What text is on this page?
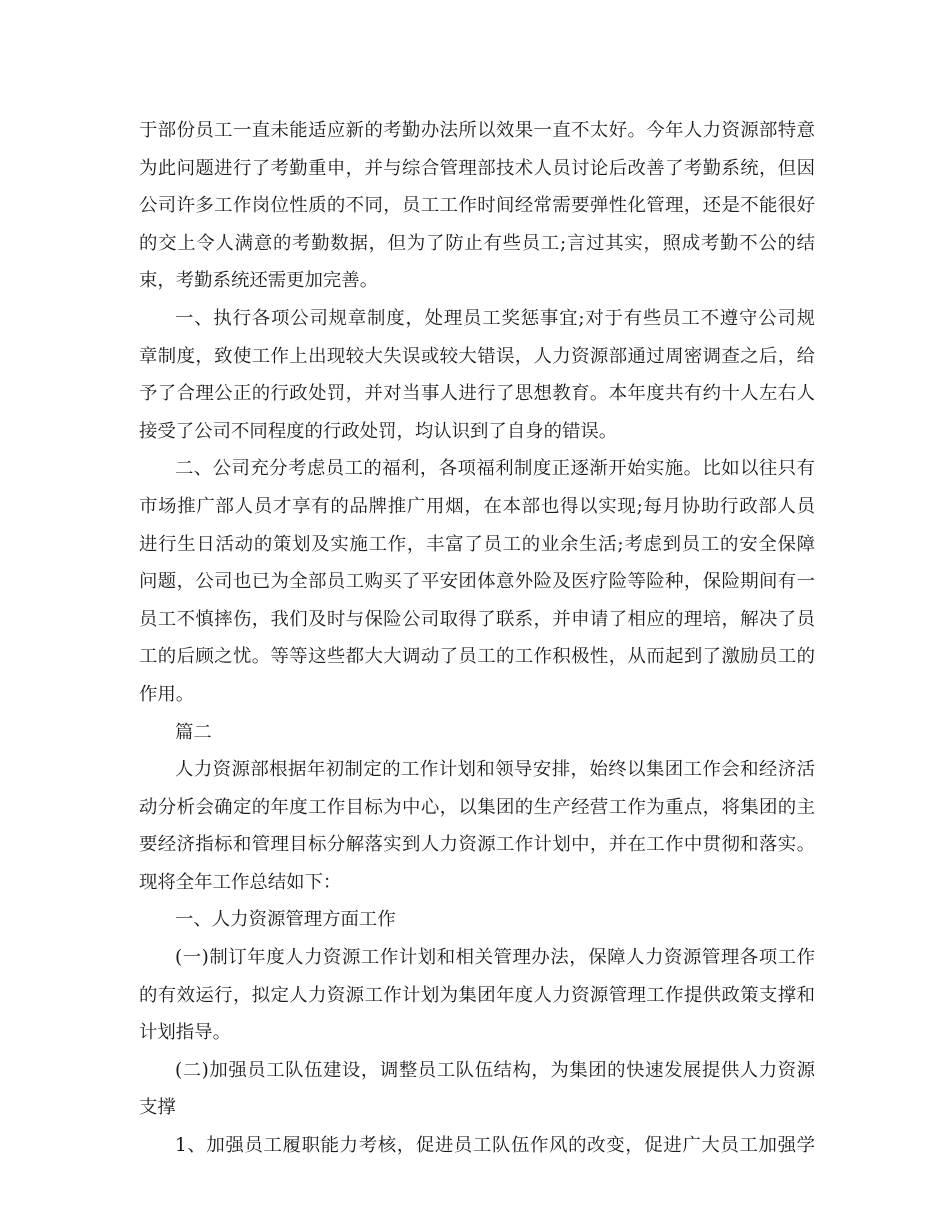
于部份员工一直未能适应新的考勤办法所以效果一直不太好。今年人力资源部特意
为此问题进行了考勤重申，并与综合管理部技术人员讨论后改善了考勤系统，但因
公司许多工作岗位性质的不同，员工工作时间经常需要弹性化管理，还是不能很好
的交上令人满意的考勤数据，但为了防止有些员工;言过其实，照成考勤不公的结
束，考勤系统还需更加完善。
一、执行各项公司规章制度，处理员工奖惩事宜;对于有些员工不遵守公司规
章制度，致使工作上出现较大失误或较大错误，人力资源部通过周密调查之后，给
予了合理公正的行政处罚，并对当事人进行了思想教育。本年度共有约十人左右人
接受了公司不同程度的行政处罚，均认识到了自身的错误。
二、公司充分考虑员工的福利，各项福利制度正逐渐开始实施。比如以往只有
市场推广部人员才享有的品牌推广用烟，在本部也得以实现;每月协助行政部人员
进行生日活动的策划及实施工作，丰富了员工的业余生活;考虑到员工的安全保障
问题，公司也已为全部员工购买了平安团体意外险及医疗险等险种，保险期间有一
员工不慎摔伤，我们及时与保险公司取得了联系，并申请了相应的理培，解决了员
工的后顾之忧。等等这些都大大调动了员工的工作积极性，从而起到了激励员工的
作用。
篇二
人力资源部根据年初制定的工作计划和领导安排，始终以集团工作会和经济活
动分析会确定的年度工作目标为中心，以集团的生产经营工作为重点，将集团的主
要经济指标和管理目标分解落实到人力资源工作计划中，并在工作中贯彻和落实。
现将全年工作总结如下：
一、人力资源管理方面工作
(一)制订年度人力资源工作计划和相关管理办法，保障人力资源管理各项工作
的有效运行，拟定人力资源工作计划为集团年度人力资源管理工作提供政策支撑和
计划指导。
(二)加强员工队伍建设，调整员工队伍结构，为集团的快速发展提供人力资源
支撑
1、加强员工履职能力考核，促进员工队伍作风的改变，促进广大员工加强学
